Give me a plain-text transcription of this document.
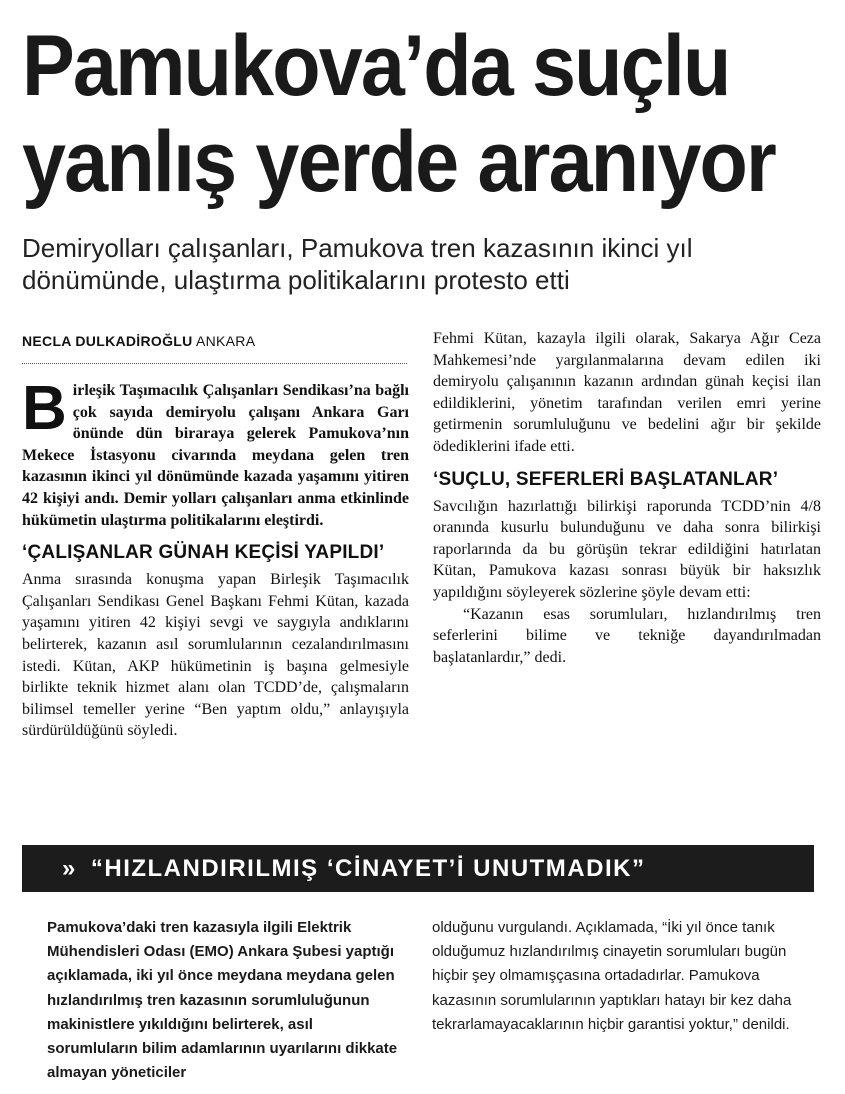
Pamukova’da suçlu
yanlış yerde aranıyor
Demiryolları çalışanları, Pamukova tren kazasının ikinci yıl dönümünde, ulaştırma politikalarını protesto etti
NECLA DULKADİROĞLU ANKARA

Birleşik Taşımacılık Çalışanları Sendikası’na bağlı çok sayıda demiryolu çalışanı Ankara Garı önünde dün biraraya gelerek Pamukova’nın Mekece İstasyonu civarında meydana gelen tren kazasının ikinci yıl dönümünde kazada yaşamını yitiren 42 kişiyi andı. Demir yolları çalışanları anma etkinlinde hükümetin ulaştırma politikalarını eleştirdi.

‘ÇALIŞANLAR GÜNAH KEÇİSİ YAPILDI’

Anma sırasında konuşma yapan Birleşik Taşımacılık Çalışanları Sendikası Genel Başkanı Fehmi Kütan, kazada yaşamını yitiren 42 kişiyi sevgi ve saygıyla andıklarını belirterek, kazanın asıl sorumlularının cezalandırılmasını istedi. Kütan, AKP hükümetinin iş başına gelmesiyle birlikte teknik hizmet alanı olan TCDD’de, çalışmaların bilimsel temeller yerine “Ben yaptım oldu,” anlayışıyla sürdürüldüğünü söyledi.

Fehmi Kütan, kazayla ilgili olarak, Sakarya Ağır Ceza Mahkemesi’nde yargılanmalarına devam edilen iki demiryolu çalışanının kazanın ardından günah keçisi ilan edildiklerini, yönetim tarafından verilen emri yerine getirmenin sorumluluğunu ve bedelini ağır bir şekilde ödediklerini ifade etti.

‘SUÇLU, SEFERLERİ BAŞLATANLAR’

Savcılığın hazırlattığı bilirkişi raporunda TCDD’nin 4/8 oranında kusurlu bulunduğunu ve daha sonra bilirkişi raporlarında da bu görüşün tekrar edildiğini hatırlatan Kütan, Pamukova kazası sonrası büyük bir haksızlık yapıldığını söyleyerek sözlerine şöyle devam etti:

“Kazanın esas sorumluları, hızlandırılmış tren seferlerini bilime ve tekniğe dayandırılmadan başlatanlardır,” dedi.

» “HIZLANDIRILMIŞ ‘CİNAYET’İ UNUTMADIK”
Pamukova’daki tren kazasıyla ilgili Elektrik Mühendisleri Odası (EMO) Ankara Şubesi yaptığı açıklamada, iki yıl önce meydana meydana gelen hızlandırılmış tren kazasının sorumluluğunun makinistlere yıkıldığını belirterek, asıl sorumluların bilim adamlarının uyarılarını dikkate almayan yöneticiler
olduğunu vurgulandı. Açıklamada, “İki yıl önce tanık olduğumuz hızlandırılmış cinayetin sorumluları bugün hiçbir şey olmamışçasına ortadadırlar. Pamukova kazasının sorumlularının yaptıkları hatayı bir kez daha tekrarlamayacaklarının hiçbir garantisi yoktur,” denildi.
